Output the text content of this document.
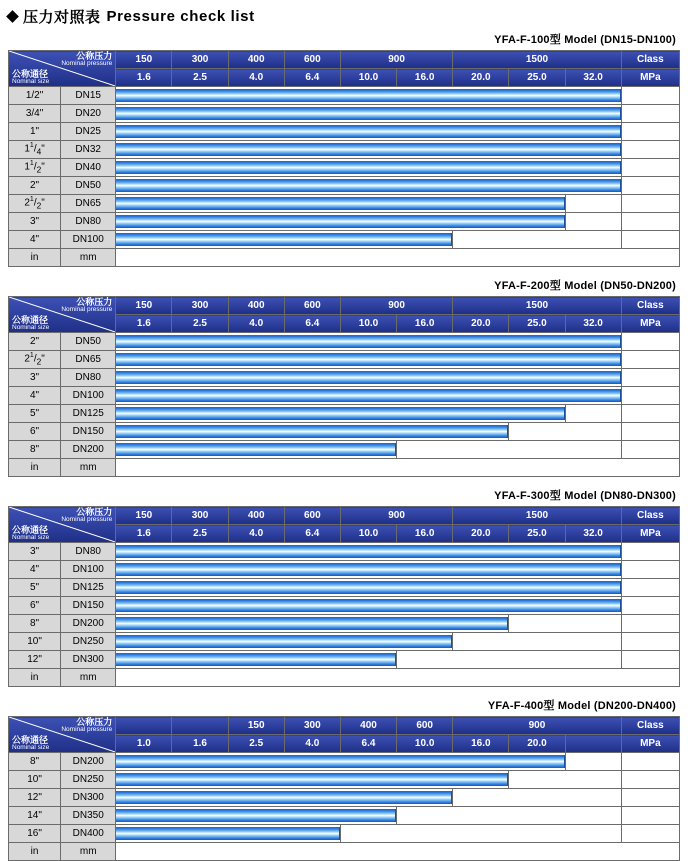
压力对照表 Pressure check list
YFA-F-100型 Model (DN15-DN100)
公称压力
Nominal pressure
公称通径
Nominal size		150	300	400	600	900		1500			Class
		1.6	2.5	4.0	6.4	10.0	16.0	20.0	25.0	32.0	MPa
1/2"	DN15									

3/4"	DN20									

1"	DN25									

$1^1/_4$"	DN32									

$1^1/_2$"	DN40									

2"	DN50									

$2^1/_2$"	DN65								

3"	DN80								

4"	DN100								

in	mm										
YFA-F-200型 Model (DN50-DN200)
公称压力
Nominal pressure
公称通径
Nominal size		150	300	400	600	900		1500			Class
		1.6	2.5	4.0	6.4	10.0	16.0	20.0	25.0	32.0	MPa
2"	DN50									

$2^1/_2$"	DN65									

3"	DN80									

4"	DN100									

5"	DN125								

6"	DN150								

8"	DN200								

in	mm										
YFA-F-300型 Model (DN80-DN300)
公称压力
Nominal pressure
公称通径
Nominal size		150	300	400	600	900		1500			Class
		1.6	2.5	4.0	6.4	10.0	16.0	20.0	25.0	32.0	MPa
3"	DN80									

4"	DN100									

5"	DN125									

6"	DN150									

8"	DN200								

10"	DN250								

12"	DN300								

in	mm										
YFA-F-400型 Model (DN200-DN400)
公称压力
Nominal pressure
公称通径
Nominal size				150	300	400	600	900			Class
		1.0	1.6	2.5	4.0	6.4	10.0	16.0	20.0		MPa
8"	DN200								

10"	DN250								

12"	DN300								

14"	DN350								

16"	DN400								

in	mm										
